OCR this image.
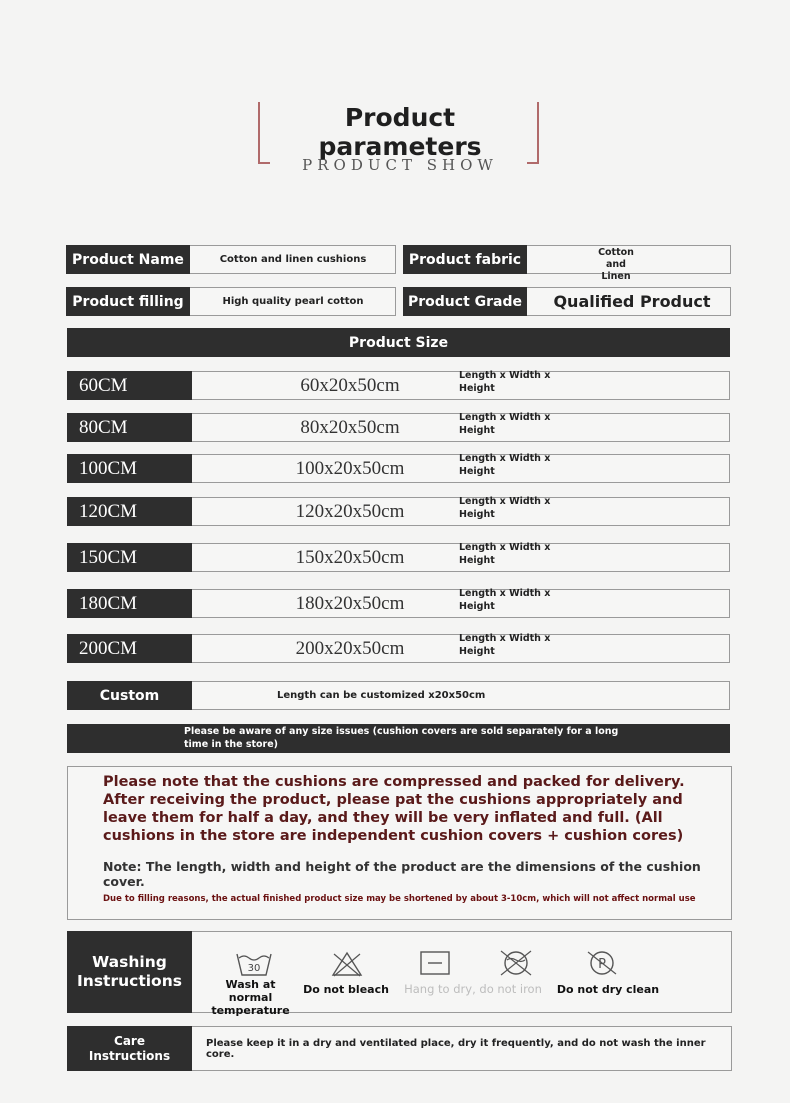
Product parameters
PRODUCT SHOW
Product Name	Cotton and linen cushions	Product fabric	Cotton and Linen
Product filling	High quality pearl cotton	Product Grade	Qualified Product
Product Size
60CM	60x20x50cm	Length x Width x Height
80CM	80x20x50cm	Length x Width x Height
100CM	100x20x50cm	Length x Width x Height
120CM	120x20x50cm	Length x Width x Height
150CM	150x20x50cm	Length x Width x Height
180CM	180x20x50cm	Length x Width x Height
200CM	200x20x50cm	Length x Width x Height
Custom	Length can be customized x20x50cm
Please be aware of any size issues (cushion covers are sold separately for a long time in the store)
Please note that the cushions are compressed and packed for delivery. After receiving the product, please pat the cushions appropriately and leave them for half a day, and they will be very inflated and full. (All cushions in the store are independent cushion covers + cushion cores)
Note: The length, width and height of the product are the dimensions of the cushion cover.
Due to filling reasons, the actual finished product size may be shortened by about 3-10cm, which will not affect normal use
Washing Instructions
30
Wash at normal temperature
Do not bleach	Hang to dry, do not iron
P
Do not dry clean
Care Instructions
Please keep it in a dry and ventilated place, dry it frequently, and do not wash the inner core.
